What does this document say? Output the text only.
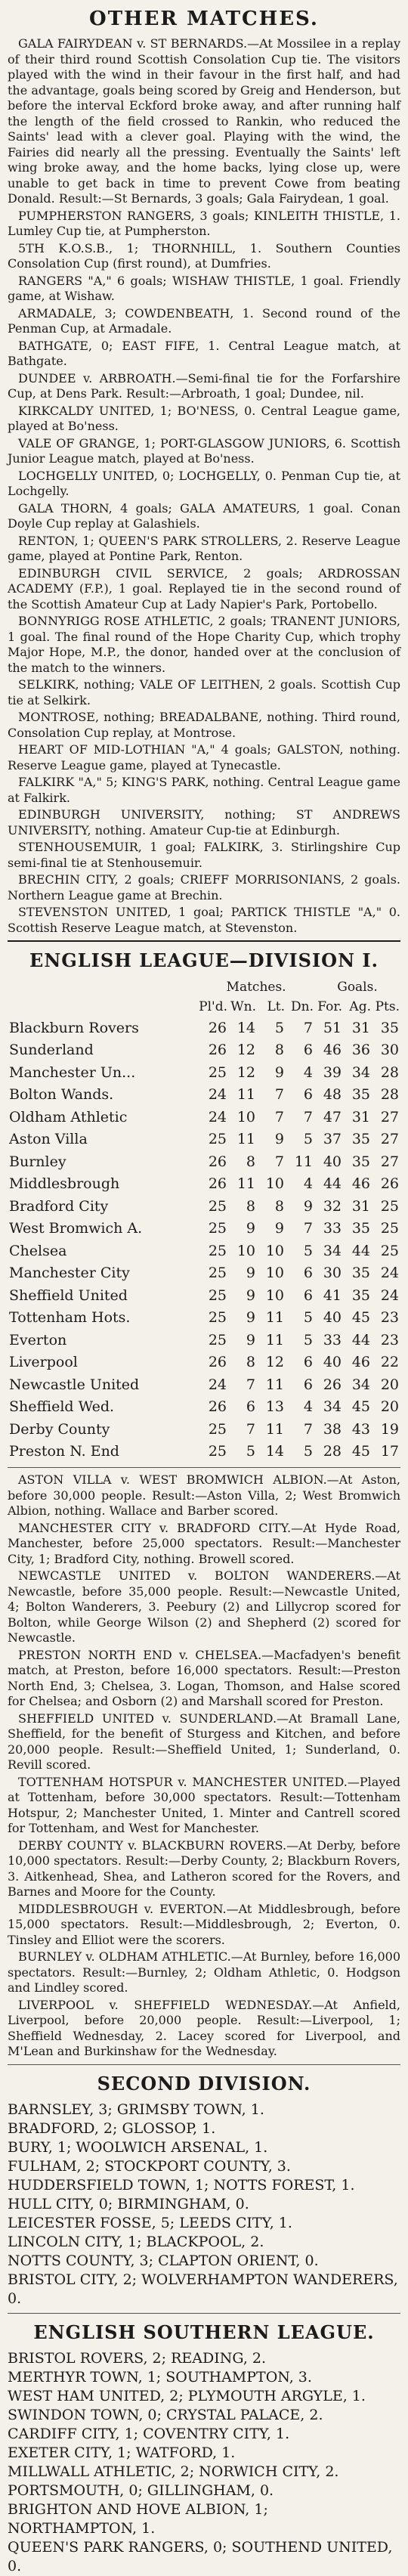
OTHER MATCHES.

GALA FAIRYDEAN v. ST BERNARDS.—At Mossilee in a replay of their third round Scottish Consolation Cup tie. The visitors played with the wind in their favour in the first half, and had the advantage, goals being scored by Greig and Henderson, but before the interval Eckford broke away, and after running half the length of the field crossed to Rankin, who reduced the Saints' lead with a clever goal. Playing with the wind, the Fairies did nearly all the pressing. Eventually the Saints' left wing broke away, and the home backs, lying close up, were unable to get back in time to prevent Cowe from beating Donald. Result:—St Bernards, 3 goals; Gala Fairydean, 1 goal.

PUMPHERSTON RANGERS, 3 goals; KINLEITH THISTLE, 1. Lumley Cup tie, at Pumpherston.

5TH K.O.S.B., 1; THORNHILL, 1. Southern Counties Consolation Cup (first round), at Dumfries.

RANGERS "A," 6 goals; WISHAW THISTLE, 1 goal. Friendly game, at Wishaw.

ARMADALE, 3; COWDENBEATH, 1. Second round of the Penman Cup, at Armadale.

BATHGATE, 0; EAST FIFE, 1. Central League match, at Bathgate.

DUNDEE v. ARBROATH.—Semi-final tie for the Forfarshire Cup, at Dens Park. Result:—Arbroath, 1 goal; Dundee, nil.

KIRKCALDY UNITED, 1; BO'NESS, 0. Central League game, played at Bo'ness.

VALE OF GRANGE, 1; PORT-GLASGOW JUNIORS, 6. Scottish Junior League match, played at Bo'ness.

LOCHGELLY UNITED, 0; LOCHGELLY, 0. Penman Cup tie, at Lochgelly.

GALA THORN, 4 goals; GALA AMATEURS, 1 goal. Conan Doyle Cup replay at Galashiels.

RENTON, 1; QUEEN'S PARK STROLLERS, 2. Reserve League game, played at Pontine Park, Renton.

EDINBURGH CIVIL SERVICE, 2 goals; ARDROSSAN ACADEMY (F.P.), 1 goal. Replayed tie in the second round of the Scottish Amateur Cup at Lady Napier's Park, Portobello.

BONNYRIGG ROSE ATHLETIC, 2 goals; TRANENT JUNIORS, 1 goal. The final round of the Hope Charity Cup, which trophy Major Hope, M.P., the donor, handed over at the conclusion of the match to the winners.

SELKIRK, nothing; VALE OF LEITHEN, 2 goals. Scottish Cup tie at Selkirk.

MONTROSE, nothing; BREADALBANE, nothing. Third round, Consolation Cup replay, at Montrose.

HEART OF MID-LOTHIAN "A," 4 goals; GALSTON, nothing. Reserve League game, played at Tynecastle.

FALKIRK "A," 5; KING'S PARK, nothing. Central League game at Falkirk.

EDINBURGH UNIVERSITY, nothing; ST ANDREWS UNIVERSITY, nothing. Amateur Cup-tie at Edinburgh.

STENHOUSEMUIR, 1 goal; FALKIRK, 3. Stirlingshire Cup semi-final tie at Stenhousemuir.

BRECHIN CITY, 2 goals; CRIEFF MORRISONIANS, 2 goals. Northern League game at Brechin.

STEVENSTON UNITED, 1 goal; PARTICK THISTLE "A," 0. Scottish Reserve League match, at Stevenston.

ENGLISH LEAGUE—DIVISION I.
	Matches.				Goals.		
	Pl'd.	Wn.	Lt.	Dn.	For.	Ag.	Pts.
Blackburn Rovers	26	14	5	7	51	31	35
Sunderland	26	12	8	6	46	36	30
Manchester Un...	25	12	9	4	39	34	28
Bolton Wands.	24	11	7	6	48	35	28
Oldham Athletic	24	10	7	7	47	31	27
Aston Villa	25	11	9	5	37	35	27
Burnley	26	8	7	11	40	35	27
Middlesbrough	26	11	10	4	44	46	26
Bradford City	25	8	8	9	32	31	25
West Bromwich A.	25	9	9	7	33	35	25
Chelsea	25	10	10	5	34	44	25
Manchester City	25	9	10	6	30	35	24
Sheffield United	25	9	10	6	41	35	24
Tottenham Hots.	25	9	11	5	40	45	23
Everton	25	9	11	5	33	44	23
Liverpool	26	8	12	6	40	46	22
Newcastle United	24	7	11	6	26	34	20
Sheffield Wed.	26	6	13	4	34	45	20
Derby County	25	7	11	7	38	43	19
Preston N. End	25	5	14	5	28	45	17

ASTON VILLA v. WEST BROMWICH ALBION.—At Aston, before 30,000 people. Result:—Aston Villa, 2; West Bromwich Albion, nothing. Wallace and Barber scored.

MANCHESTER CITY v. BRADFORD CITY.—At Hyde Road, Manchester, before 25,000 spectators. Result:—Manchester City, 1; Bradford City, nothing. Browell scored.

NEWCASTLE UNITED v. BOLTON WANDERERS.—At Newcastle, before 35,000 people. Result:—Newcastle United, 4; Bolton Wanderers, 3. Peebury (2) and Lillycrop scored for Bolton, while George Wilson (2) and Shepherd (2) scored for Newcastle.

PRESTON NORTH END v. CHELSEA.—Macfadyen's benefit match, at Preston, before 16,000 spectators. Result:—Preston North End, 3; Chelsea, 3. Logan, Thomson, and Halse scored for Chelsea; and Osborn (2) and Marshall scored for Preston.

SHEFFIELD UNITED v. SUNDERLAND.—At Bramall Lane, Sheffield, for the benefit of Sturgess and Kitchen, and before 20,000 people. Result:—Sheffield United, 1; Sunderland, 0. Revill scored.

TOTTENHAM HOTSPUR v. MANCHESTER UNITED.—Played at Tottenham, before 30,000 spectators. Result:—Tottenham Hotspur, 2; Manchester United, 1. Minter and Cantrell scored for Tottenham, and West for Manchester.

DERBY COUNTY v. BLACKBURN ROVERS.—At Derby, before 10,000 spectators. Result:—Derby County, 2; Blackburn Rovers, 3. Aitkenhead, Shea, and Latheron scored for the Rovers, and Barnes and Moore for the County.

MIDDLESBROUGH v. EVERTON.—At Middlesbrough, before 15,000 spectators. Result:—Middlesbrough, 2; Everton, 0. Tinsley and Elliot were the scorers.

BURNLEY v. OLDHAM ATHLETIC.—At Burnley, before 16,000 spectators. Result:—Burnley, 2; Oldham Athletic, 0. Hodgson and Lindley scored.

LIVERPOOL v. SHEFFIELD WEDNESDAY.—At Anfield, Liverpool, before 20,000 people. Result:—Liverpool, 1; Sheffield Wednesday, 2. Lacey scored for Liverpool, and M'Lean and Burkinshaw for the Wednesday.

SECOND DIVISION.

BARNSLEY, 3; GRIMSBY TOWN, 1.

BRADFORD, 2; GLOSSOP, 1.

BURY, 1; WOOLWICH ARSENAL, 1.

FULHAM, 2; STOCKPORT COUNTY, 3.

HUDDERSFIELD TOWN, 1; NOTTS FOREST, 1.

HULL CITY, 0; BIRMINGHAM, 0.

LEICESTER FOSSE, 5; LEEDS CITY, 1.

LINCOLN CITY, 1; BLACKPOOL, 2.

NOTTS COUNTY, 3; CLAPTON ORIENT, 0.

BRISTOL CITY, 2; WOLVERHAMPTON WANDERERS, 0.

ENGLISH SOUTHERN LEAGUE.

BRISTOL ROVERS, 2; READING, 2.

MERTHYR TOWN, 1; SOUTHAMPTON, 3.

WEST HAM UNITED, 2; PLYMOUTH ARGYLE, 1.

SWINDON TOWN, 0; CRYSTAL PALACE, 2.

CARDIFF CITY, 1; COVENTRY CITY, 1.

EXETER CITY, 1; WATFORD, 1.

MILLWALL ATHLETIC, 2; NORWICH CITY, 2.

PORTSMOUTH, 0; GILLINGHAM, 0.

BRIGHTON AND HOVE ALBION, 1; NORTHAMPTON, 1.

QUEEN'S PARK RANGERS, 0; SOUTHEND UNITED, 0.
